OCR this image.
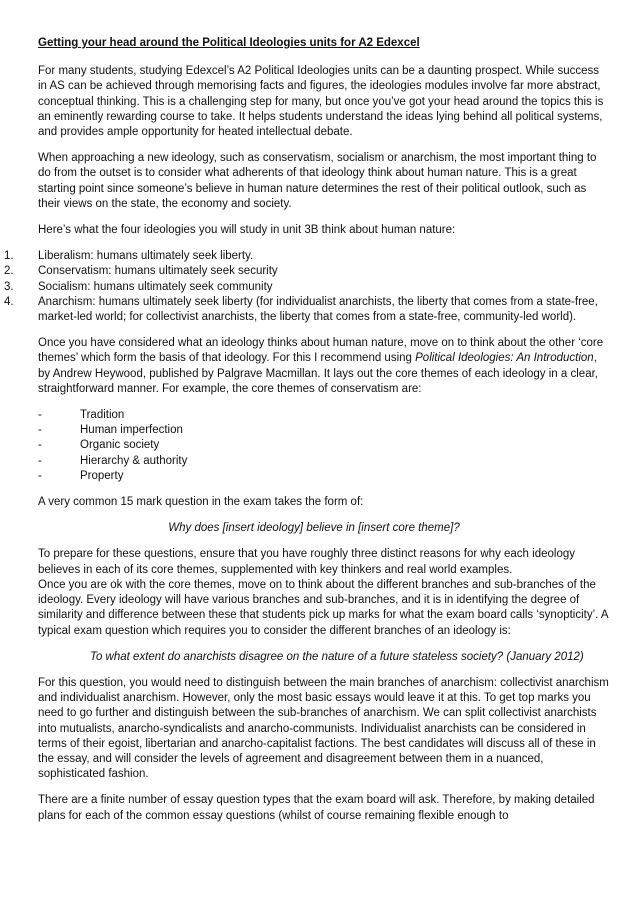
Getting your head around the Political Ideologies units for A2 Edexcel

For many students, studying Edexcel’s A2 Political Ideologies units can be a daunting prospect. While success in AS can be achieved through memorising facts and figures, the ideologies modules involve far more abstract, conceptual thinking. This is a challenging step for many, but once you’ve got your head around the topics this is an eminently rewarding course to take. It helps students understand the ideas lying behind all political systems, and provides ample opportunity for heated intellectual debate.

When approaching a new ideology, such as conservatism, socialism or anarchism, the most important thing to do from the outset is to consider what adherents of that ideology think about human nature. This is a great starting point since someone’s believe in human nature determines the rest of their political outlook, such as their views on the state, the economy and society.

Here’s what the four ideologies you will study in unit 3B think about human nature:

1.	Liberalism: humans ultimately seek liberty.
2.	Conservatism: humans ultimately seek security
3.	Socialism: humans ultimately seek community
4.	Anarchism: humans ultimately seek liberty (for individualist anarchists, the liberty that comes from a state-free, market-led world; for collectivist anarchists, the liberty that comes from a state-free, community-led world).

Once you have considered what an ideology thinks about human nature, move on to think about the other ‘core themes’ which form the basis of that ideology. For this I recommend using Political Ideologies: An Introduction, by Andrew Heywood, published by Palgrave Macmillan. It lays out the core themes of each ideology in a clear, straightforward manner. For example, the core themes of conservatism are:

-	Tradition
-	Human imperfection
-	Organic society
-	Hierarchy & authority
-	Property

A very common 15 mark question in the exam takes the form of:

Why does [insert ideology] believe in [insert core theme]?

To prepare for these questions, ensure that you have roughly three distinct reasons for why each ideology believes in each of its core themes, supplemented with key thinkers and real world examples.

Once you are ok with the core themes, move on to think about the different branches and sub-branches of the ideology. Every ideology will have various branches and sub-branches, and it is in identifying the degree of similarity and difference between these that students pick up marks for what the exam board calls ‘synopticity’. A typical exam question which requires you to consider the different branches of an ideology is:

To what extent do anarchists disagree on the nature of a future stateless society? (January 2012)

For this question, you would need to distinguish between the main branches of anarchism: collectivist anarchism and individualist anarchism. However, only the most basic essays would leave it at this. To get top marks you need to go further and distinguish between the sub-branches of anarchism. We can split collectivist anarchists into mutualists, anarcho-syndicalists and anarcho-communists. Individualist anarchists can be considered in terms of their egoist, libertarian and anarcho-capitalist factions. The best candidates will discuss all of these in the essay, and will consider the levels of agreement and disagreement between them in a nuanced, sophisticated fashion.

There are a finite number of essay question types that the exam board will ask. Therefore, by making detailed plans for each of the common essay questions (whilst of course remaining flexible enough to
